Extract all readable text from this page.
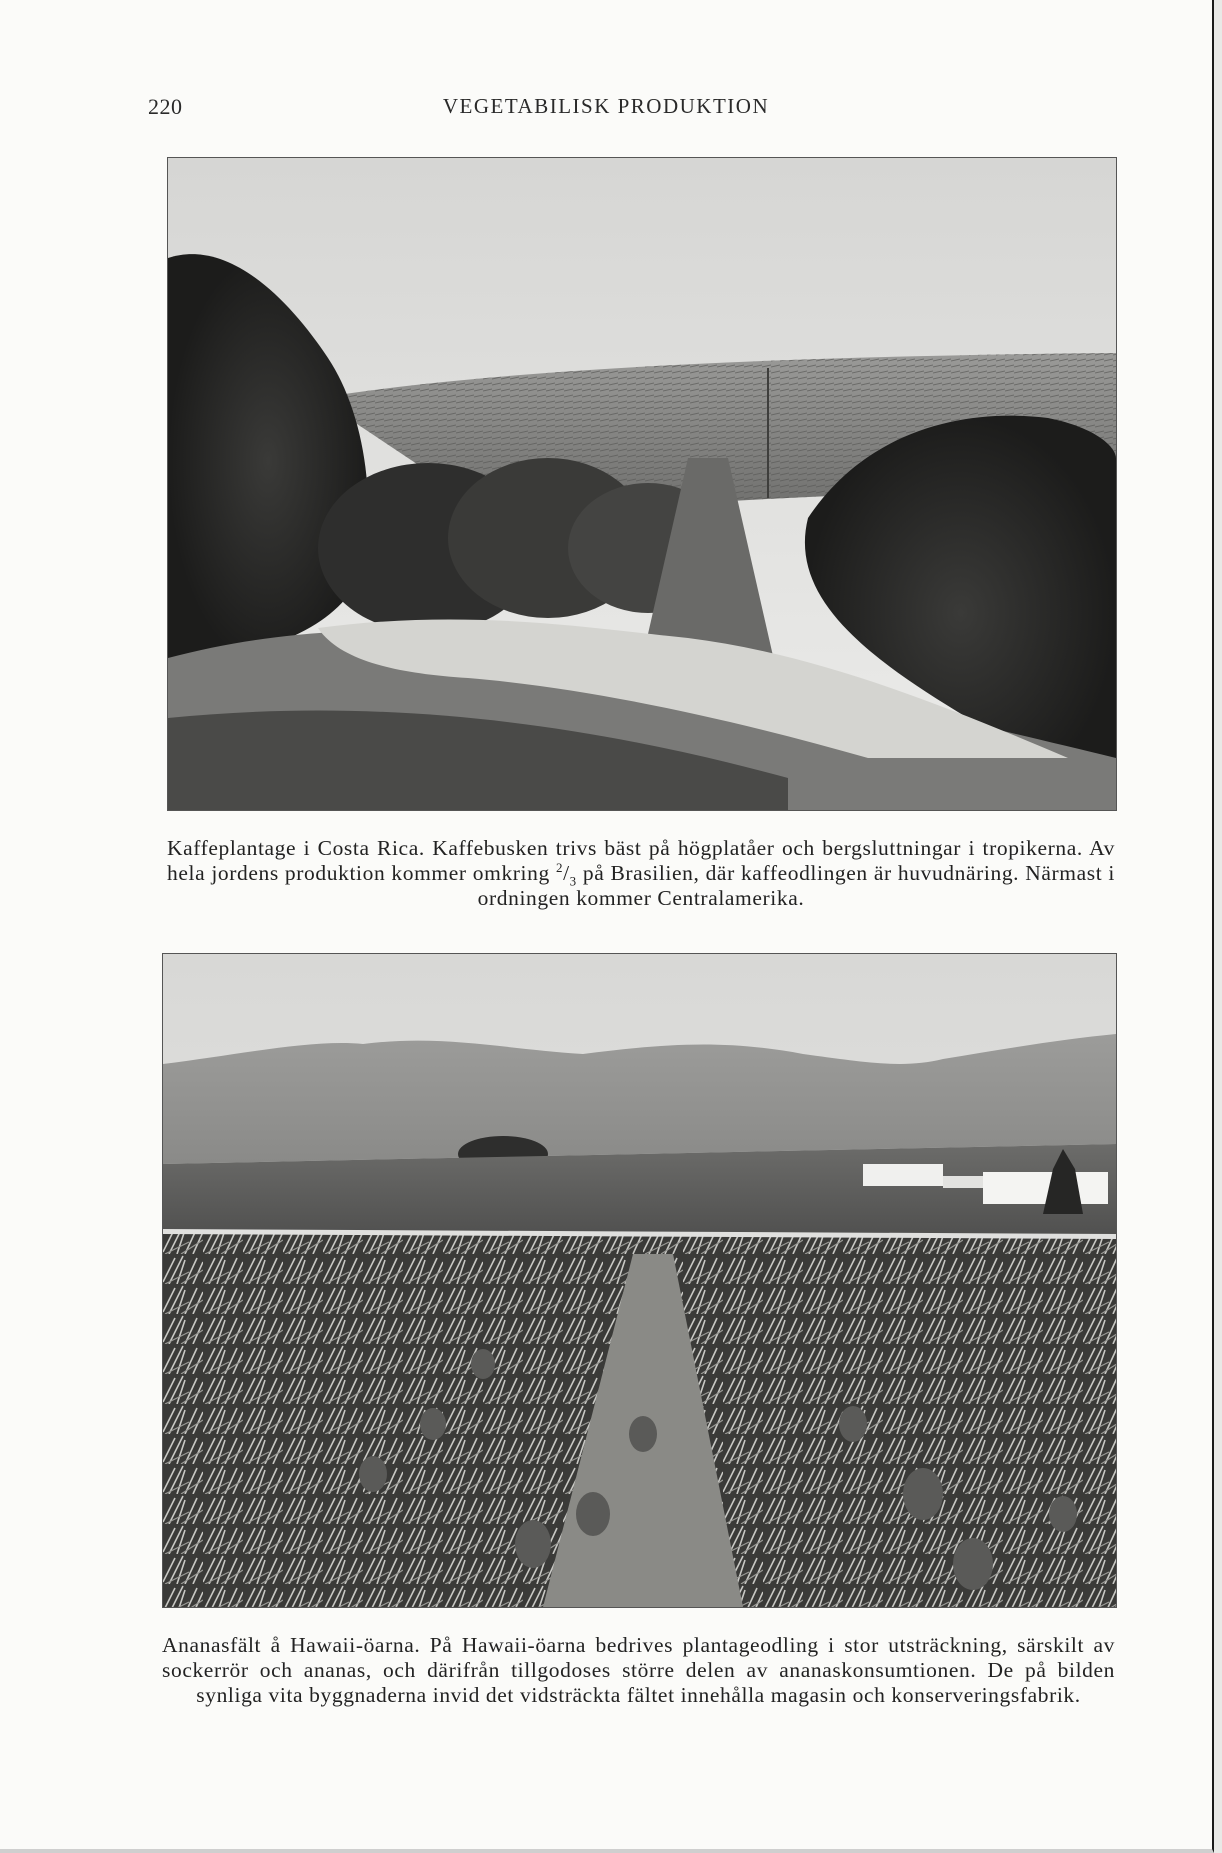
220	VEGETABILISK PRODUKTION
Kaffeplantage i Costa Rica. Kaffebusken trivs bäst på högplatåer och bergsluttningar i tropikerna. Av hela jordens produktion kommer omkring $^2/_3$ på Brasilien, där kaffeodlingen är huvudnäring. Närmast i ordningen kommer Centralamerika.
Ananasfält å Hawaii-öarna. På Hawaii-öarna bedrives plantageodling i stor utsträckning, särskilt av sockerrör och ananas, och därifrån tillgodoses större delen av ananaskonsumtionen. De på bilden synliga vita byggnaderna invid det vidsträckta fältet innehålla magasin och konserveringsfabrik.
